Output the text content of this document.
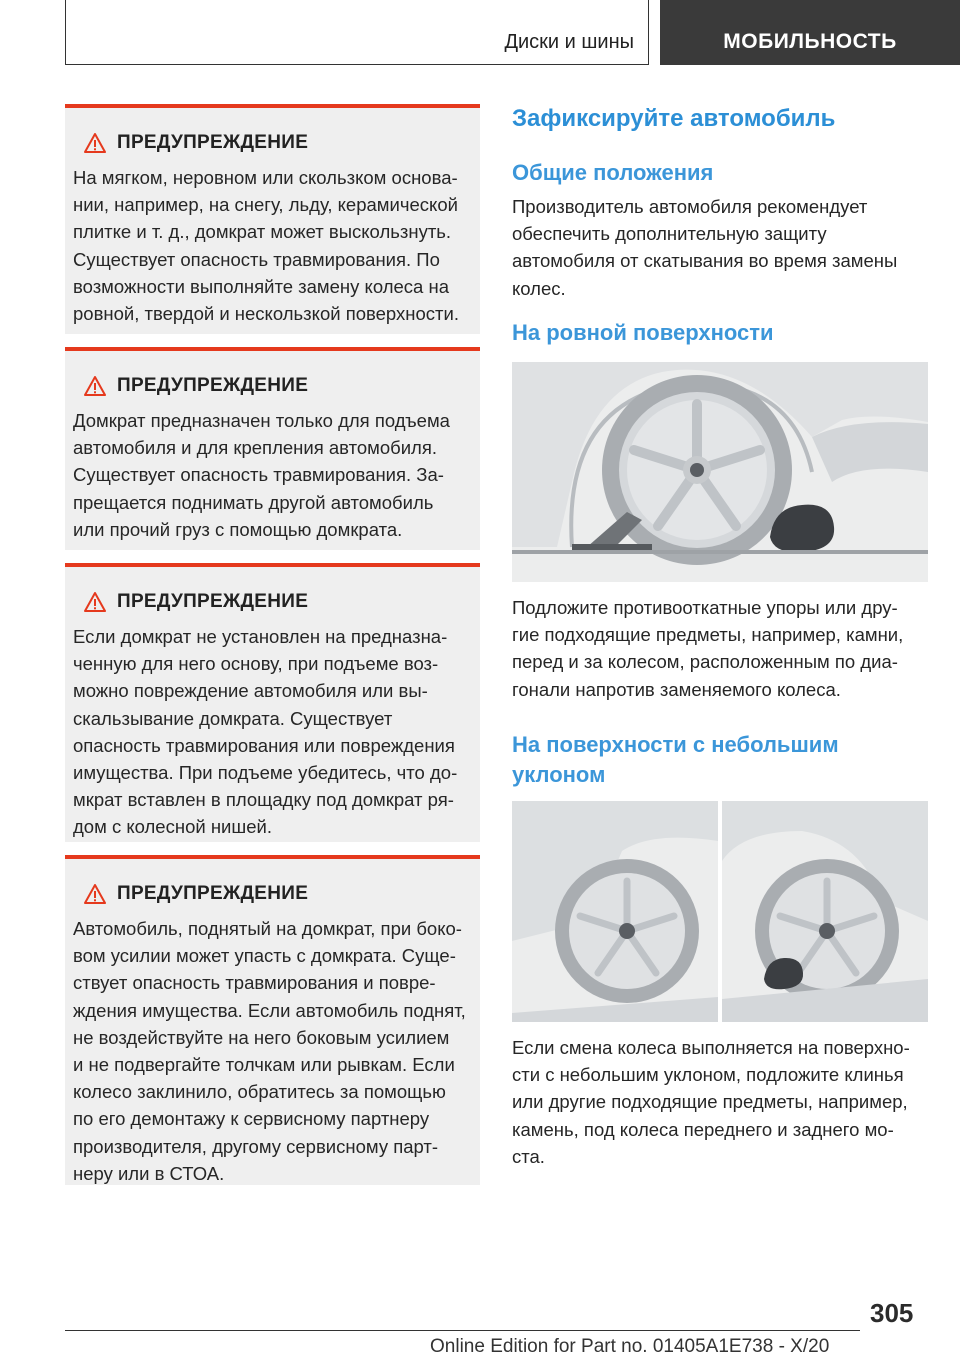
Диски и шины	МОБИЛЬНОСТЬ
ПРЕДУПРЕЖДЕНИЕ
На мягком, неровном или скользком основа-
нии, например, на снегу, льду, керамической
плитке и т. д., домкрат может выскользнуть.
Существует опасность травмирования. По
возможности выполняйте замену колеса на
ровной, твердой и нескользкой поверхности.
ПРЕДУПРЕЖДЕНИЕ
Домкрат предназначен только для подъема
автомобиля и для крепления автомобиля.
Существует опасность травмирования. За-
прещается поднимать другой автомобиль
или прочий груз с помощью домкрата.
ПРЕДУПРЕЖДЕНИЕ
Если домкрат не установлен на предназна-
ченную для него основу, при подъеме воз-
можно повреждение автомобиля или вы-
скальзывание домкрата. Существует
опасность травмирования или повреждения
имущества. При подъеме убедитесь, что до-
мкрат вставлен в площадку под домкрат ря-
дом с колесной нишей.
ПРЕДУПРЕЖДЕНИЕ
Автомобиль, поднятый на домкрат, при боко-
вом усилии может упасть с домкрата. Суще-
ствует опасность травмирования и повре-
ждения имущества. Если автомобиль поднят,
не воздействуйте на него боковым усилием
и не подвергайте толчкам или рывкам. Если
колесо заклинило, обратитесь за помощью
по его демонтажу к сервисному партнеру
производителя, другому сервисному парт-
неру или в СТОА.
Зафиксируйте автомобиль
Общие положения
Производитель автомобиля рекомендует
обеспечить дополнительную защиту
автомобиля от скатывания во время замены
колес.
На ровной поверхности
Подложите противооткатные упоры или дру-
гие подходящие предметы, например, камни,
перед и за колесом, расположенным по диа-
гонали напротив заменяемого колеса.
На поверхности с небольшим
уклоном
Если смена колеса выполняется на поверхно-
сти с небольшим уклоном, подложите клинья
или другие подходящие предметы, например,
камень, под колеса переднего и заднего мо-
ста.
305
Online Edition for Part no. 01405A1E738 - X/20
